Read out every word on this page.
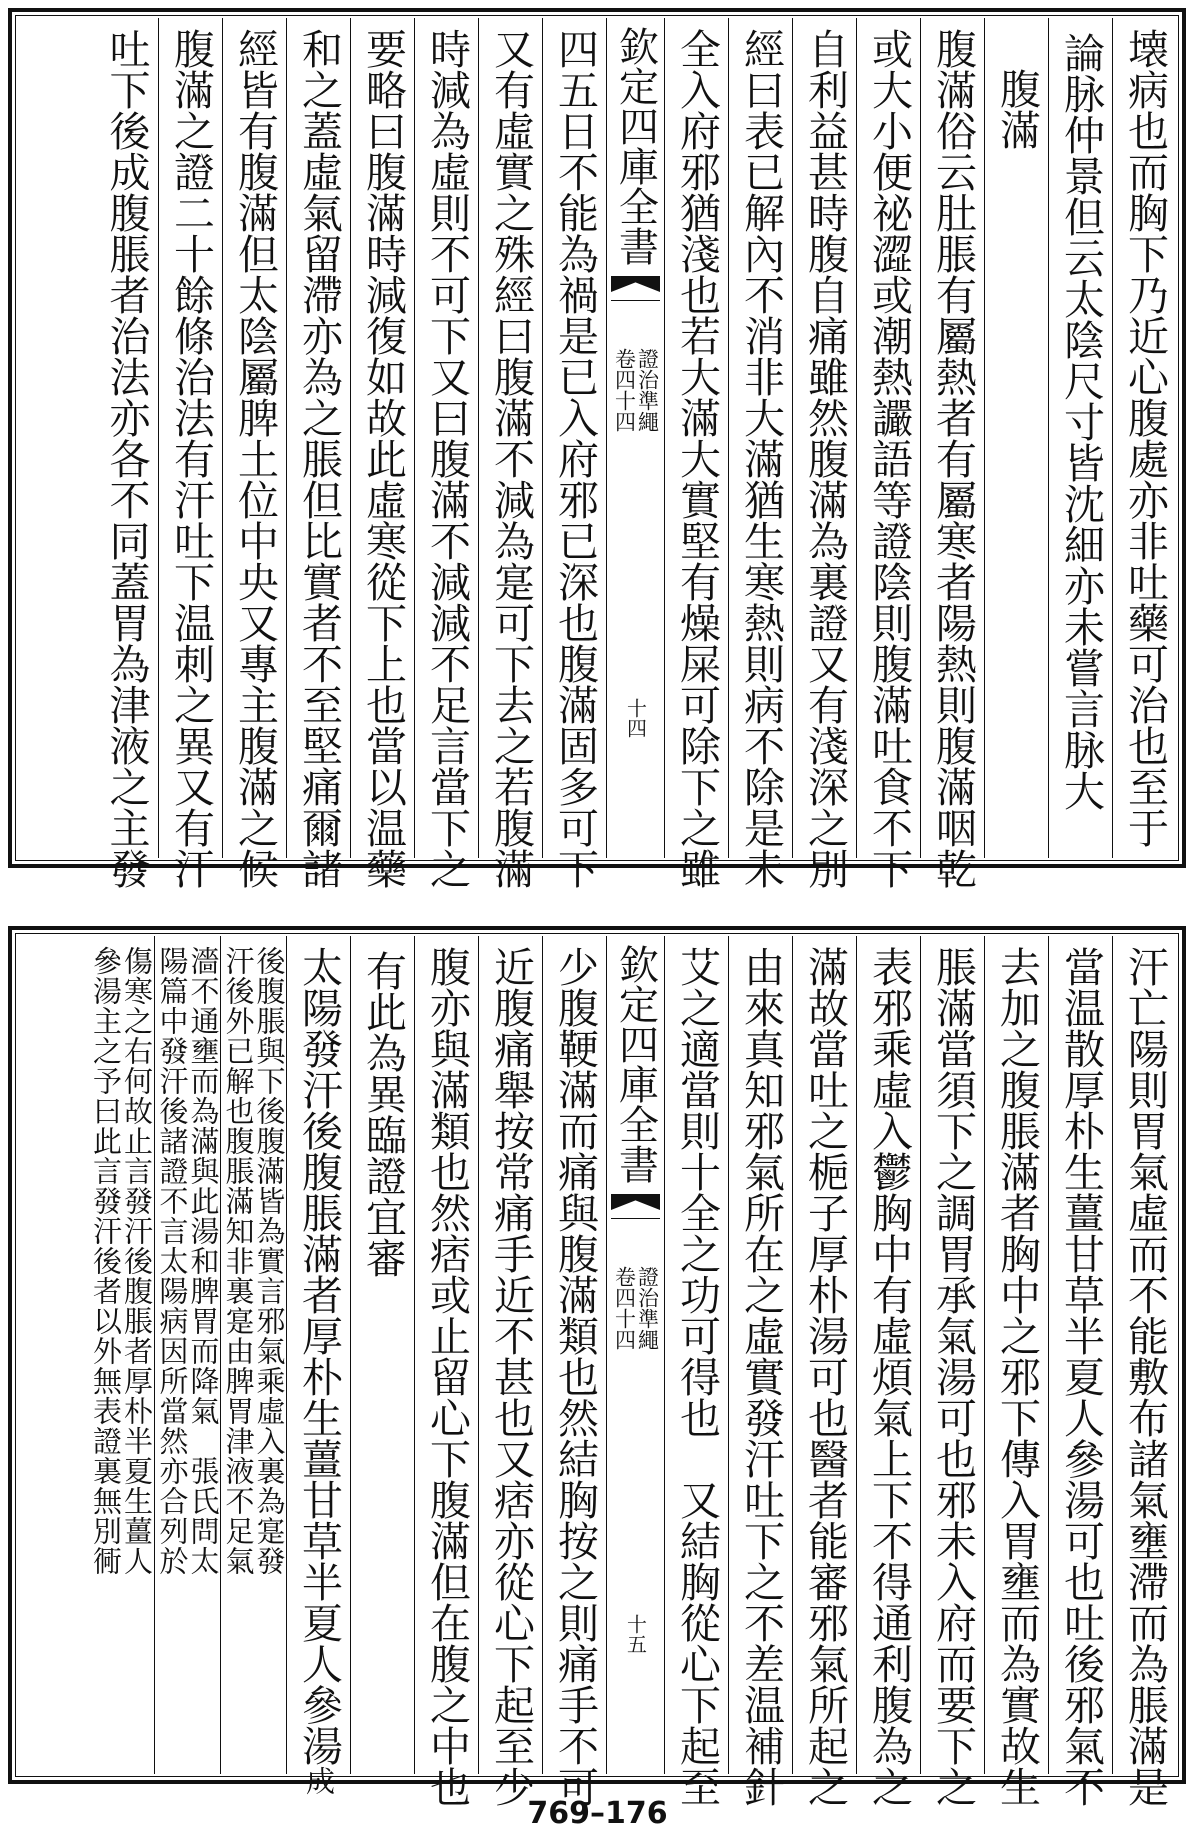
壊病也而胸下乃近心腹處亦非吐藥可治也至于
論脉仲景但云太陰尺寸皆沈細亦未嘗言脉大
腹滿
腹滿俗云肚脹有屬熱者有屬寒者陽熱則腹滿咽乾
或大小便祕澀或潮熱讝語等證陰則腹滿吐食不下
自利益甚時腹自痛雖然腹滿為裏證又有淺深之別
經曰表已解內不消非大滿猶生寒熱則病不除是未
全入府邪猶淺也若大滿大實堅有燥屎可除下之雖
欽定四庫全書
卷四十四 證治準繩
十四
四五日不能為禍是已入府邪已深也腹滿固多可下
又有虛實之殊經曰腹滿不減為寔可下去之若腹滿
時減為虛則不可下又曰腹滿不減減不足言當下之
要略曰腹滿時減復如故此虛寒從下上也當以温藥
和之蓋虛氣留滯亦為之脹但比實者不至堅痛爾諸
經皆有腹滿但太陰屬脾土位中央又專主腹滿之候
腹滿之證二十餘條治法有汗吐下温刺之異又有汗
吐下後成腹脹者治法亦各不同蓋胃為津液之主發
汗亡陽則胃氣虛而不能敷布諸氣壅滯而為脹滿是
當温散厚朴生薑甘草半夏人參湯可也吐後邪氣不
去加之腹脹滿者胸中之邪下傳入胃壅而為實故生
脹滿當須下之調胃承氣湯可也邪未入府而要下之
表邪乘虛入鬱胸中有虛煩氣上下不得通利腹為之
滿故當吐之梔子厚朴湯可也醫者能審邪氣所起之
由來真知邪氣所在之虛實發汗吐下之不差温補針
艾之適當則十全之功可得也　又結胸從心下起至
欽定四庫全書
卷四十四 證治準繩
十五
少腹鞕滿而痛與腹滿類也然結胸按之則痛手不可
近腹痛舉按常痛手近不甚也又痞亦從心下起至少
腹亦與滿類也然痞或止留心下腹滿但在腹之中也
有此為異臨證宜審
太陽發汗後腹脹滿者厚朴生薑甘草半夏人參湯
成
後腹脹與下後腹滿皆為實言邪氣乘虛入裏為寔發
汗後外已解也腹脹滿知非裏寔由脾胃津液不足氣
濇不通壅而為滿與此湯和脾胃而降氣　張氏問太
陽篇中發汗後諸證不言太陽病因所當然亦合列於
傷寒之右何故止言發汗後腹脹者厚朴半夏生薑人
參湯主之予曰此言發汗後者以外無表證裏無別衕
769–176
